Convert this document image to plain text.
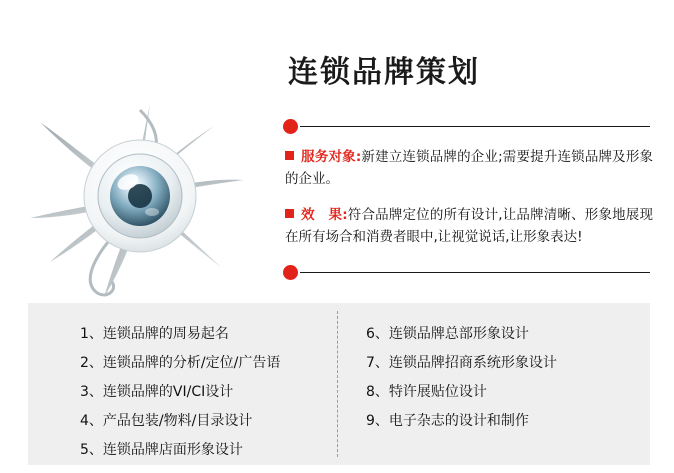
连锁品牌策划
服务对象:新建立连锁品牌的企业;需要提升连锁品牌及形象的企业。
效　果:符合品牌定位的所有设计,让品牌清晰、形象地展现在所有场合和消费者眼中,让视觉说话,让形象表达!
1、连锁品牌的周易起名
2、连锁品牌的分析/定位/广告语
3、连锁品牌的VI/CI设计
4、产品包装/物料/目录设计
5、连锁品牌店面形象设计
6、连锁品牌总部形象设计
7、连锁品牌招商系统形象设计
8、特许展贴位设计
9、电子杂志的设计和制作
